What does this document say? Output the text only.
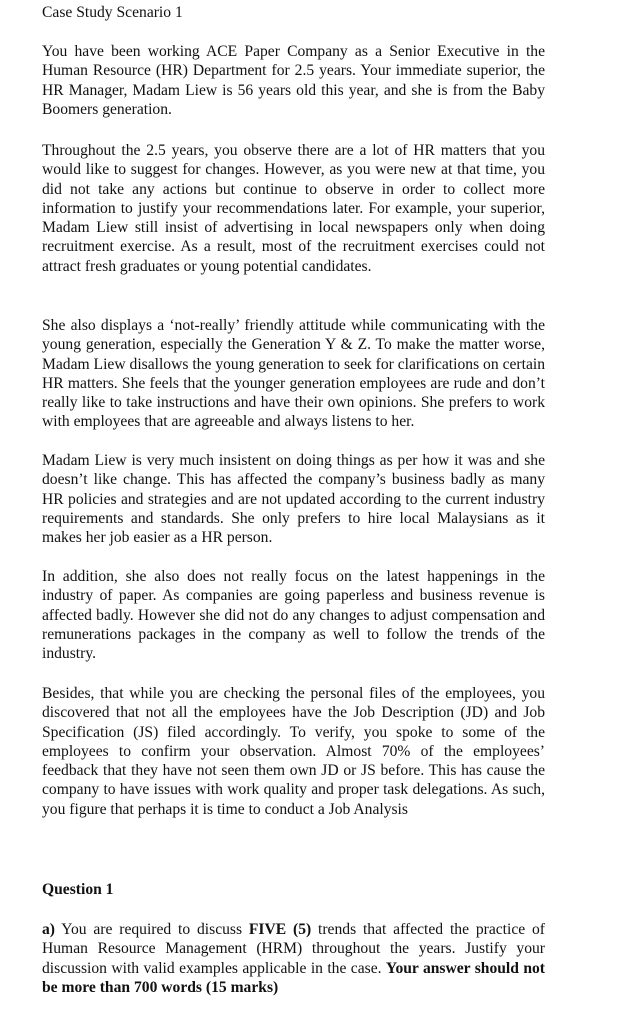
Case Study Scenario 1
You have been working ACE Paper Company as a Senior Executive in the Human Resource (HR) Department for 2.5 years. Your immediate superior, the HR Manager, Madam Liew is 56 years old this year, and she is from the Baby Boomers generation.
Throughout the 2.5 years, you observe there are a lot of HR matters that you would like to suggest for changes. However, as you were new at that time, you did not take any actions but continue to observe in order to collect more information to justify your recommendations later. For example, your superior, Madam Liew still insist of advertising in local newspapers only when doing recruitment exercise. As a result, most of the recruitment exercises could not attract fresh graduates or young potential candidates.
She also displays a ‘not-really’ friendly attitude while communicating with the young generation, especially the Generation Y & Z. To make the matter worse, Madam Liew disallows the young generation to seek for clarifications on certain HR matters. She feels that the younger generation employees are rude and don’t really like to take instructions and have their own opinions. She prefers to work with employees that are agreeable and always listens to her.
Madam Liew is very much insistent on doing things as per how it was and she doesn’t like change. This has affected the company’s business badly as many HR policies and strategies and are not updated according to the current industry requirements and standards. She only prefers to hire local Malaysians as it makes her job easier as a HR person.
In addition, she also does not really focus on the latest happenings in the industry of paper. As companies are going paperless and business revenue is affected badly. However she did not do any changes to adjust compensation and remunerations packages in the company as well to follow the trends of the industry.
Besides, that while you are checking the personal files of the employees, you discovered that not all the employees have the Job Description (JD) and Job Specification (JS) filed accordingly. To verify, you spoke to some of the employees to confirm your observation. Almost 70% of the employees’ feedback that they have not seen them own JD or JS before. This has cause the company to have issues with work quality and proper task delegations. As such, you figure that perhaps it is time to conduct a Job Analysis
Question 1
a) You are required to discuss FIVE (5) trends that affected the practice of Human Resource Management (HRM) throughout the years. Justify your discussion with valid examples applicable in the case. Your answer should not be more than 700 words (15 marks)
